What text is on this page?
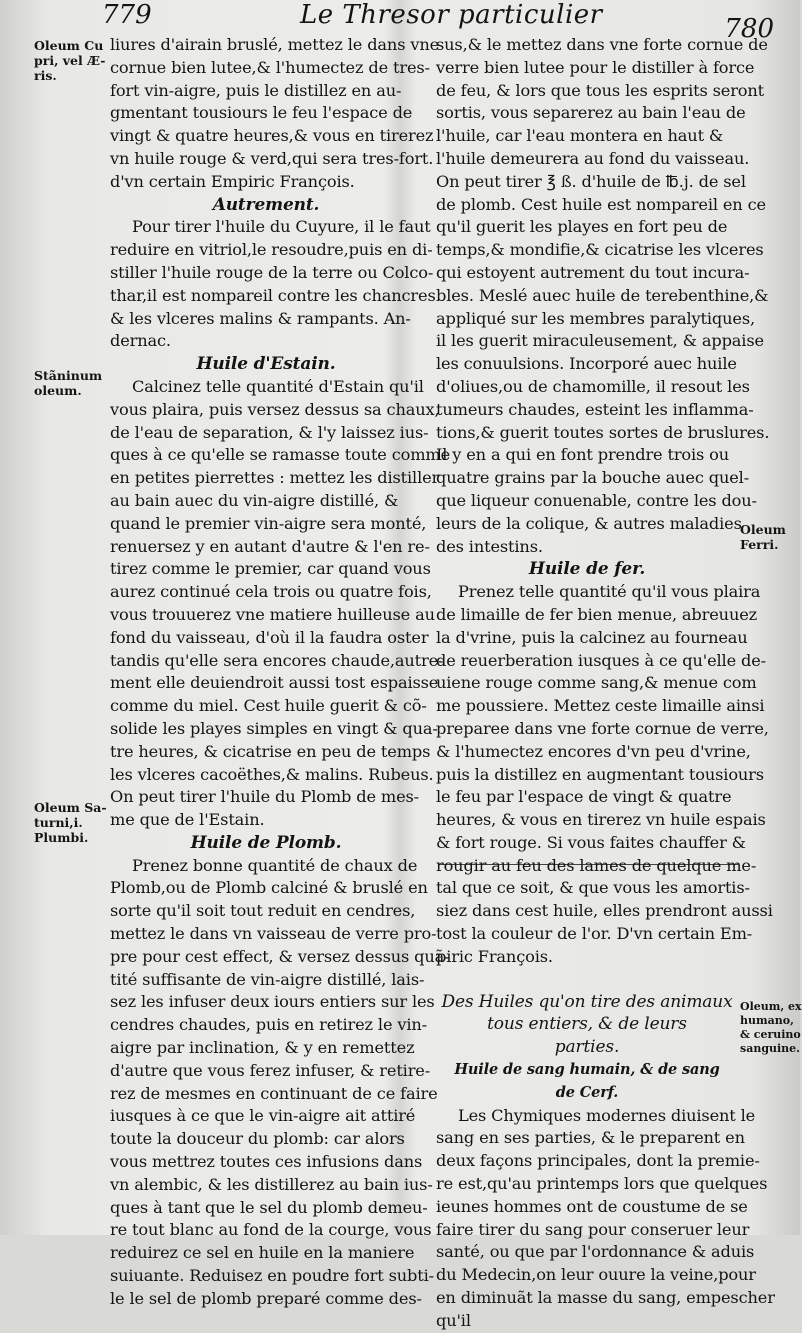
779	Le Thresor particulier	780
Oleum Cu
pri, vel Æ-
ris.
Stãninum
oleum.
Oleum Sa-
turni,i.
Plumbi.
Oleum
Ferri.
Oleum, ex
humano,
& ceruino
sanguine.
liures d'airain bruslé, mettez le dans vne
cornue bien lutee,& l'humectez de tres-
fort vin-aigre, puis le distillez en au-
gmentant tousiours le feu l'espace de
vingt & quatre heures,& vous en tirerez
vn huile rouge & verd,qui sera tres-fort.
d'vn certain Empiric François.
Autrement.
Pour tirer l'huile du Cuyure, il le faut
reduire en vitriol,le resoudre,puis en di-
stiller l'huile rouge de la terre ou Colco-
thar,il est nompareil contre les chancres
& les vlceres malins & rampants. An-
dernac.
Huile d'Estain.
Calcinez telle quantité d'Estain qu'il
vous plaira, puis versez dessus sa chaux,
de l'eau de separation, & l'y laissez ius-
ques à ce qu'elle se ramasse toute comme
en petites pierrettes : mettez les distiller
au bain auec du vin-aigre distillé, &
quand le premier vin-aigre sera monté,
renuersez y en autant d'autre & l'en re-
tirez comme le premier, car quand vous
aurez continué cela trois ou quatre fois,
vous trouuerez vne matiere huilleuse au
fond du vaisseau, d'où il la faudra oster
tandis qu'elle sera encores chaude,autre-
ment elle deuiendroit aussi tost espaisse
comme du miel. Cest huile guerit & cõ-
solide les playes simples en vingt & qua-
tre heures, & cicatrise en peu de temps
les vlceres cacoëthes,& malins. Rubeus.
On peut tirer l'huile du Plomb de mes-
me que de l'Estain.
Huile de Plomb.
Prenez bonne quantité de chaux de
Plomb,ou de Plomb calciné & bruslé en
sorte qu'il soit tout reduit en cendres,
mettez le dans vn vaisseau de verre pro-
pre pour cest effect, & versez dessus quã-
tité suffisante de vin-aigre distillé, lais-
sez les infuser deux iours entiers sur les
cendres chaudes, puis en retirez le vin-
aigre par inclination, & y en remettez
d'autre que vous ferez infuser, & retire-
rez de mesmes en continuant de ce faire
iusques à ce que le vin-aigre ait attiré
toute la douceur du plomb: car alors
vous mettrez toutes ces infusions dans
vn alembic, & les distillerez au bain ius-
ques à tant que le sel du plomb demeu-
re tout blanc au fond de la courge, vous
reduirez ce sel en huile en la maniere
suiuante. Reduisez en poudre fort subti-
le le sel de plomb preparé comme des-
sus,& le mettez dans vne forte cornue de
verre bien lutee pour le distiller à force
de feu, & lors que tous les esprits seront
sortis, vous separerez au bain l'eau de
l'huile, car l'eau montera en haut &
l'huile demeurera au fond du vaisseau.
On peut tirer ℥ ß. d'huile de ℔.j. de sel
de plomb. Cest huile est nompareil en ce
qu'il guerit les playes en fort peu de
temps,& mondifie,& cicatrise les vlceres
qui estoyent autrement du tout incura-
bles. Meslé auec huile de terebenthine,&
appliqué sur les membres paralytiques,
il les guerit miraculeusement, & appaise
les conuulsions. Incorporé auec huile
d'oliues,ou de chamomille, il resout les
tumeurs chaudes, esteint les inflamma-
tions,& guerit toutes sortes de bruslures.
Il y en a qui en font prendre trois ou
quatre grains par la bouche auec quel-
que liqueur conuenable, contre les dou-
leurs de la colique, & autres maladies
des intestins.
Huile de fer.
Prenez telle quantité qu'il vous plaira
de limaille de fer bien menue, abreuuez
la d'vrine, puis la calcinez au fourneau
de reuerberation iusques à ce qu'elle de-
uiene rouge comme sang,& menue com
me poussiere. Mettez ceste limaille ainsi
preparee dans vne forte cornue de verre,
& l'humectez encores d'vn peu d'vrine,
puis la distillez en augmentant tousiours
le feu par l'espace de vingt & quatre
heures, & vous en tirerez vn huile espais
& fort rouge. Si vous faites chauffer &
rougir au feu des lames de quelque me-
tal que ce soit, & que vous les amortis-
siez dans cest huile, elles prendront aussi
tost la couleur de l'or. D'vn certain Em-
piric François.
Des Huiles qu'on tire des animaux
tous entiers, & de leurs
parties.
Huile de sang humain, & de sang
de Cerf.
Les Chymiques modernes diuisent le
sang en ses parties, & le preparent en
deux façons principales, dont la premie-
re est,qu'au printemps lors que quelques
ieunes hommes ont de coustume de se
faire tirer du sang pour conseruer leur
santé, ou que par l'ordonnance & aduis
du Medecin,on leur ouure la veine,pour
en diminuãt la masse du sang, empescher
qu'il
